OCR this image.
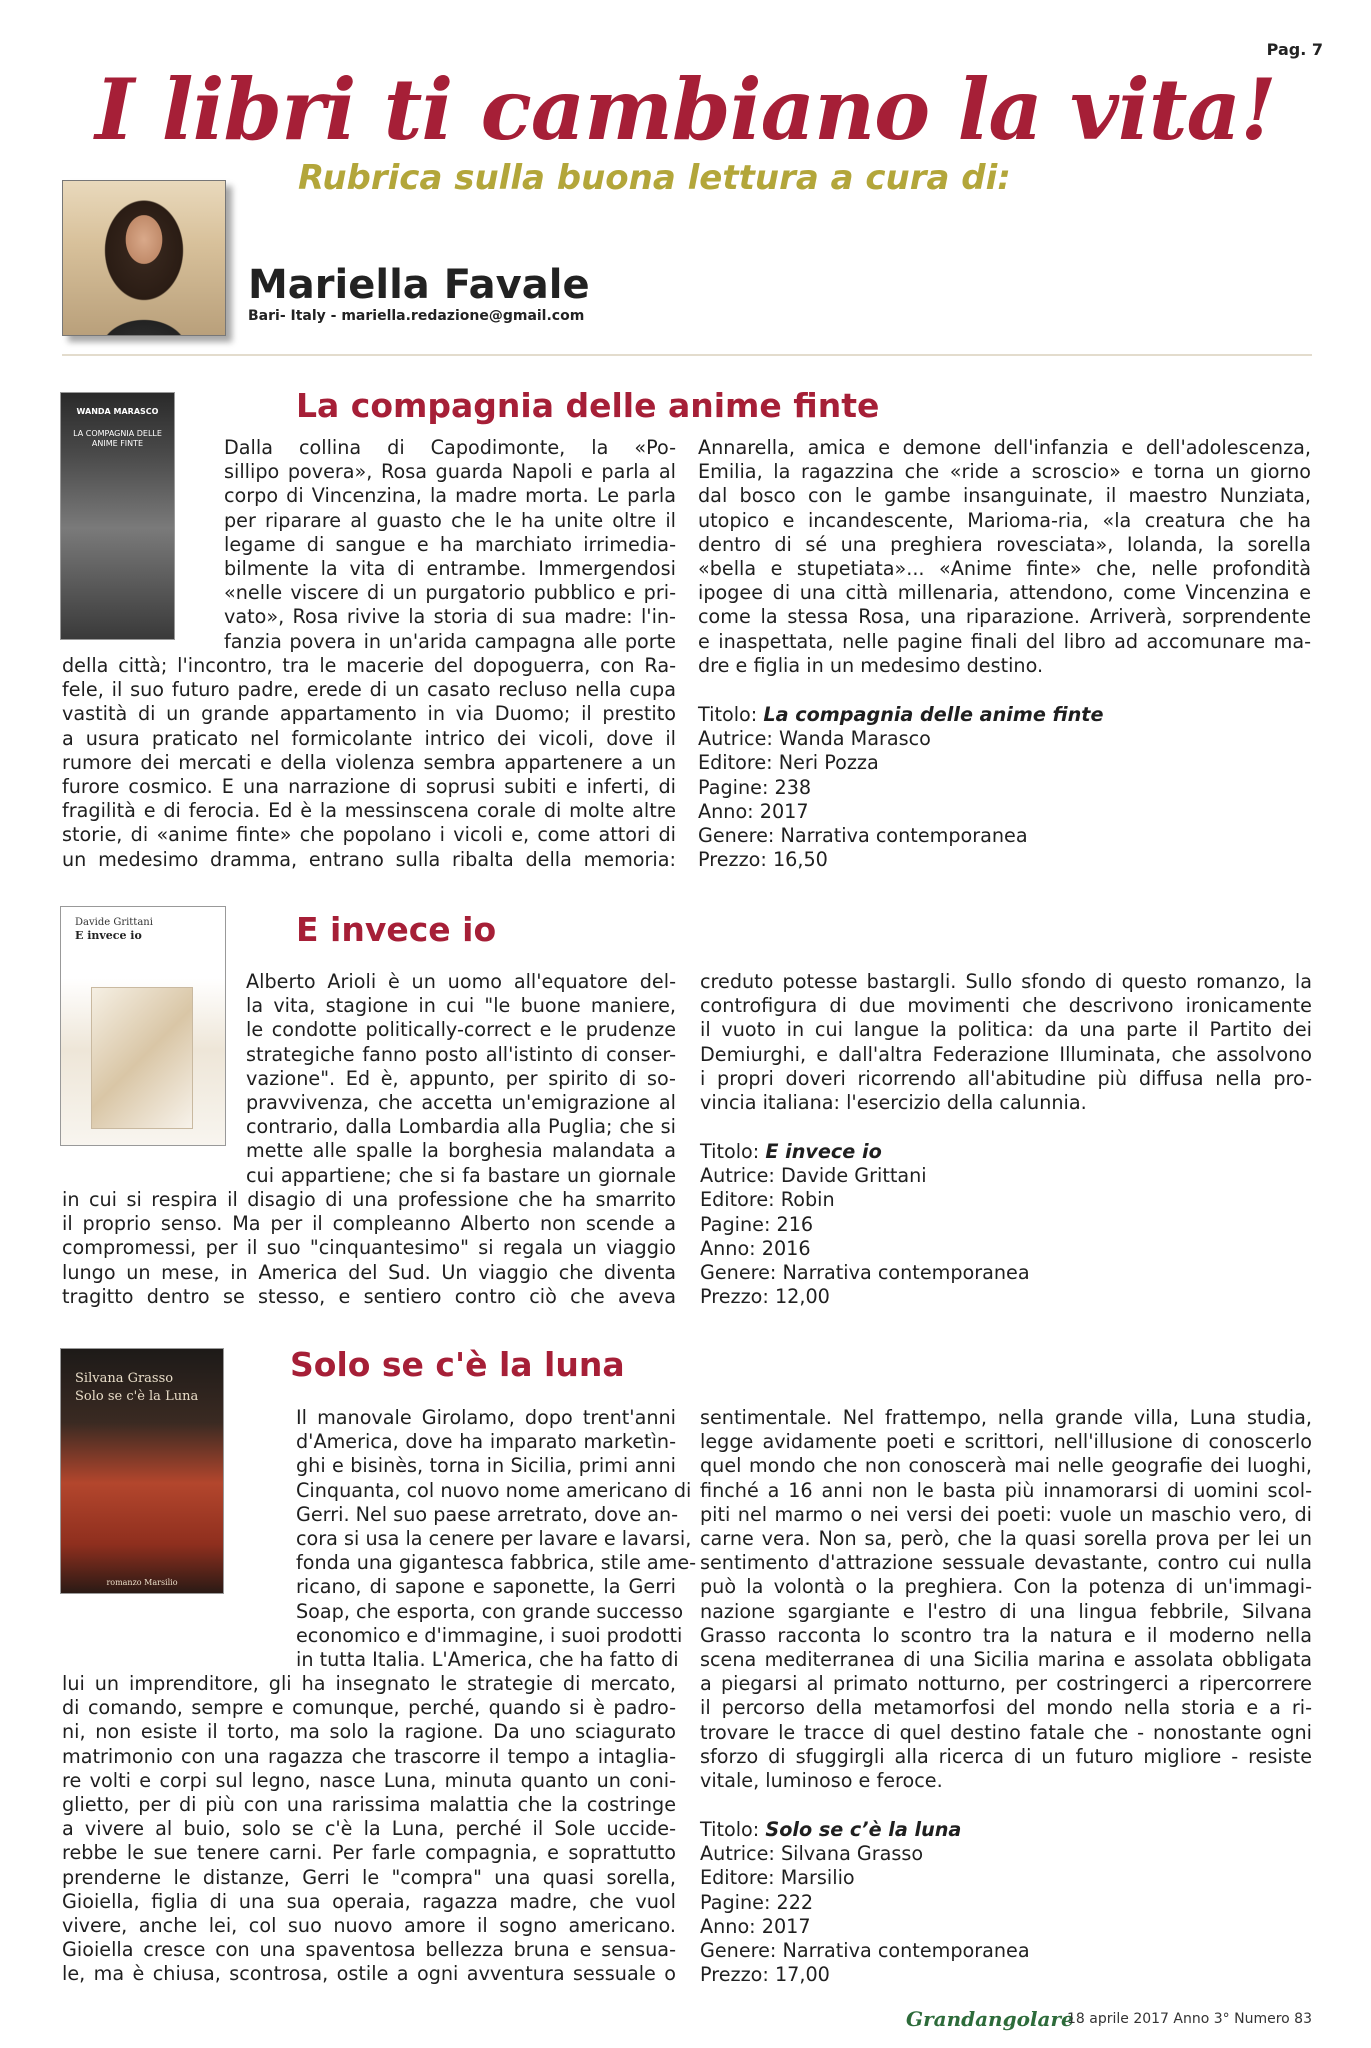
Pag. 7
I libri ti cambiano la vita!
Rubrica sulla buona lettura a cura di:
Mariella Favale
Bari- Italy - mariella.redazione@gmail.com
WANDA MARASCO
LA COMPAGNIA DELLE ANIME FINTE
La compagnia delle anime finte
Dalla collina di Capodimonte, la «Po-
sillipo povera», Rosa guarda Napoli e parla al
corpo di Vincenzina, la madre morta. Le parla
per riparare al guasto che le ha unite oltre il
legame di sangue e ha marchiato irrimedia-
bilmente la vita di entrambe. Immergendosi
«nelle viscere di un purgatorio pubblico e pri-
vato», Rosa rivive la storia di sua madre: l'in-
fanzia povera in un'arida campagna alle porte
della città; l'incontro, tra le macerie del dopoguerra, con Ra-
fele, il suo futuro padre, erede di un casato recluso nella cupa
vastità di un grande appartamento in via Duomo; il prestito
a usura praticato nel formicolante intrico dei vicoli, dove il
rumore dei mercati e della violenza sembra appartenere a un
furore cosmico. E una narrazione di soprusi subiti e inferti, di
fragilità e di ferocia. Ed è la messinscena corale di molte altre
storie, di «anime finte» che popolano i vicoli e, come attori di
un medesimo dramma, entrano sulla ribalta della memoria:
Annarella, amica e demone dell'infanzia e dell'adolescenza,
Emilia, la ragazzina che «ride a scroscio» e torna un giorno
dal bosco con le gambe insanguinate, il maestro Nunziata,
utopico e incandescente, Marioma-ria, «la creatura che ha
dentro di sé una preghiera rovesciata», Iolanda, la sorella
«bella e stupetiata»... «Anime finte» che, nelle profondità
ipogee di una città millenaria, attendono, come Vincenzina e
come la stessa Rosa, una riparazione. Arriverà, sorprendente
e inaspettata, nelle pagine finali del libro ad accomunare ma-
dre e figlia in un medesimo destino.
Titolo: La compagnia delle anime finte
Autrice: Wanda Marasco
Editore: Neri Pozza
Pagine: 238
Anno: 2017
Genere: Narrativa contemporanea
Prezzo: 16,50
Davide Grittani
E invece io	E invece io
Alberto Arioli è un uomo all'equatore del-
la vita, stagione in cui "le buone maniere,
le condotte politically-correct e le prudenze
strategiche fanno posto all'istinto di conser-
vazione". Ed è, appunto, per spirito di so-
pravvivenza, che accetta un'emigrazione al
contrario, dalla Lombardia alla Puglia; che si
mette alle spalle la borghesia malandata a
cui appartiene; che si fa bastare un giornale
in cui si respira il disagio di una professione che ha smarrito
il proprio senso. Ma per il compleanno Alberto non scende a
compromessi, per il suo "cinquantesimo" si regala un viaggio
lungo un mese, in America del Sud. Un viaggio che diventa
tragitto dentro se stesso, e sentiero contro ciò che aveva
creduto potesse bastargli. Sullo sfondo di questo romanzo, la
controfigura di due movimenti che descrivono ironicamente
il vuoto in cui langue la politica: da una parte il Partito dei
Demiurghi, e dall'altra Federazione Illuminata, che assolvono
i propri doveri ricorrendo all'abitudine più diffusa nella pro-
vincia italiana: l'esercizio della calunnia.
Titolo: E invece io
Autrice: Davide Grittani
Editore: Robin
Pagine: 216
Anno: 2016
Genere: Narrativa contemporanea
Prezzo: 12,00
Silvana Grasso
Solo se c'è la Luna
romanzo Marsilio
Solo se c'è la luna
Il manovale Girolamo, dopo trent'anni
d'America, dove ha imparato marketìn-
ghi e bisinès, torna in Sicilia, primi anni
Cinquanta, col nuovo nome americano di
Gerri. Nel suo paese arretrato, dove an-
cora si usa la cenere per lavare e lavarsi,
fonda una gigantesca fabbrica, stile ame-
ricano, di sapone e saponette, la Gerri
Soap, che esporta, con grande successo
economico e d'immagine, i suoi prodotti
in tutta Italia. L'America, che ha fatto di
lui un imprenditore, gli ha insegnato le strategie di mercato,
di comando, sempre e comunque, perché, quando si è padro-
ni, non esiste il torto, ma solo la ragione. Da uno sciagurato
matrimonio con una ragazza che trascorre il tempo a intaglia-
re volti e corpi sul legno, nasce Luna, minuta quanto un coni-
glietto, per di più con una rarissima malattia che la costringe
a vivere al buio, solo se c'è la Luna, perché il Sole uccide-
rebbe le sue tenere carni. Per farle compagnia, e soprattutto
prenderne le distanze, Gerri le "compra" una quasi sorella,
Gioiella, figlia di una sua operaia, ragazza madre, che vuol
vivere, anche lei, col suo nuovo amore il sogno americano.
Gioiella cresce con una spaventosa bellezza bruna e sensua-
le, ma è chiusa, scontrosa, ostile a ogni avventura sessuale o
sentimentale. Nel frattempo, nella grande villa, Luna studia,
legge avidamente poeti e scrittori, nell'illusione di conoscerlo
quel mondo che non conoscerà mai nelle geografie dei luoghi,
finché a 16 anni non le basta più innamorarsi di uomini scol-
piti nel marmo o nei versi dei poeti: vuole un maschio vero, di
carne vera. Non sa, però, che la quasi sorella prova per lei un
sentimento d'attrazione sessuale devastante, contro cui nulla
può la volontà o la preghiera. Con la potenza di un'immagi-
nazione sgargiante e l'estro di una lingua febbrile, Silvana
Grasso racconta lo scontro tra la natura e il moderno nella
scena mediterranea di una Sicilia marina e assolata obbligata
a piegarsi al primato notturno, per costringerci a ripercorrere
il percorso della metamorfosi del mondo nella storia e a ri-
trovare le tracce di quel destino fatale che - nonostante ogni
sforzo di sfuggirgli alla ricerca di un futuro migliore - resiste
vitale, luminoso e feroce.
Titolo: Solo se c’è la luna
Autrice: Silvana Grasso
Editore: Marsilio
Pagine: 222
Anno: 2017
Genere: Narrativa contemporanea
Prezzo: 17,00
Grandangolare
18 aprile 2017 Anno 3° Numero 83
